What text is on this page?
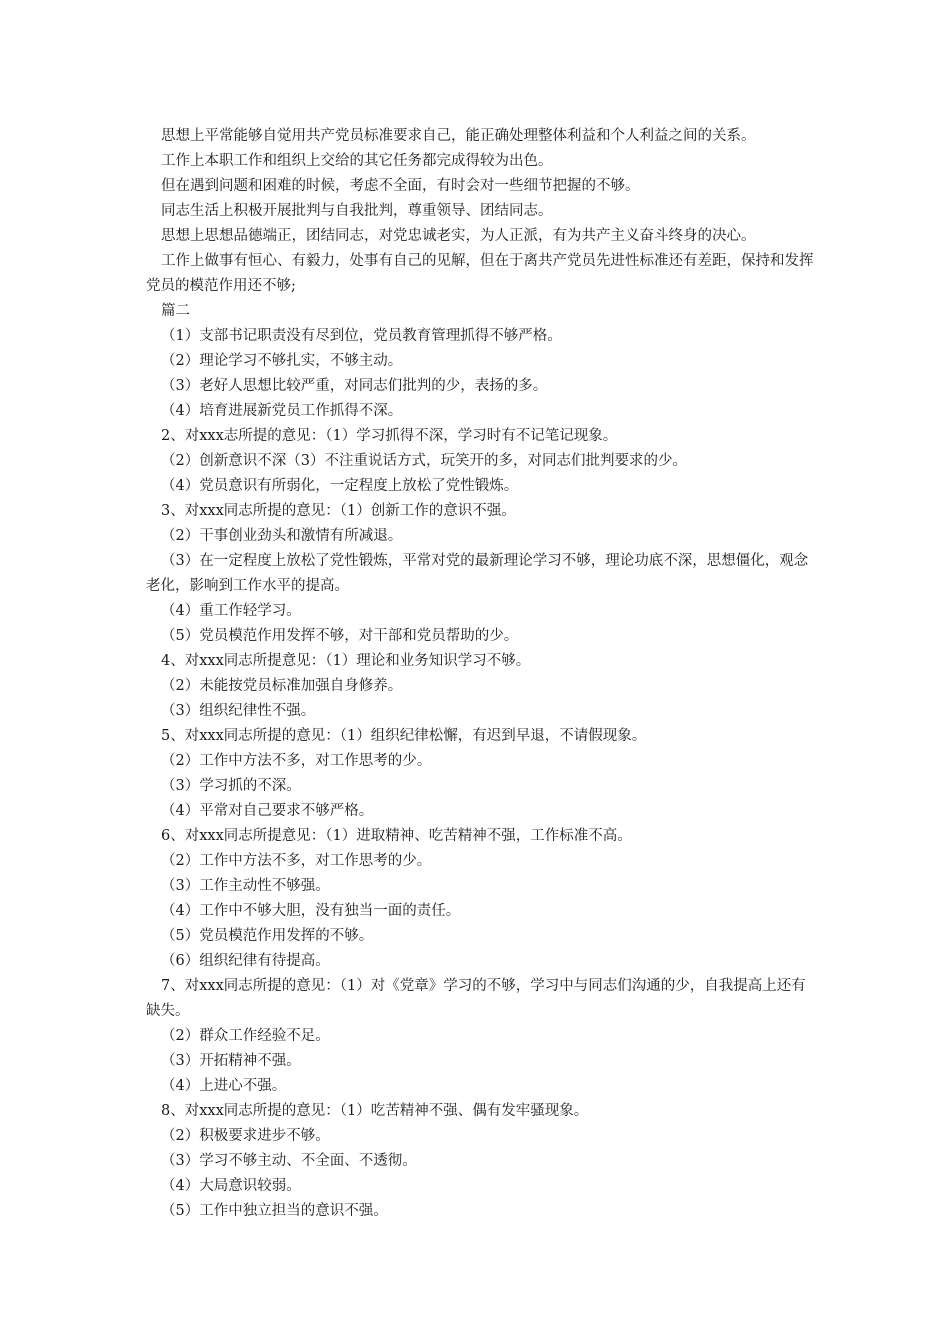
思想上平常能够自觉用共产党员标准要求自己，能正确处理整体利益和个人利益之间的关系。

工作上本职工作和组织上交给的其它任务都完成得较为出色。

但在遇到问题和困难的时候，考虑不全面，有时会对一些细节把握的不够。

同志生活上积极开展批判与自我批判，尊重领导、团结同志。

思想上思想品德端正，团结同志，对党忠诚老实，为人正派，有为共产主义奋斗终身的决心。

工作上做事有恒心、有毅力，处事有自己的见解，但在于离共产党员先进性标准还有差距，保持和发挥党员的模范作用还不够;

篇二

（1）支部书记职责没有尽到位，党员教育管理抓得不够严格。

（2）理论学习不够扎实，不够主动。

（3）老好人思想比较严重，对同志们批判的少，表扬的多。

（4）培育进展新党员工作抓得不深。

2、对xxx志所提的意见：（1）学习抓得不深，学习时有不记笔记现象。

（2）创新意识不深（3）不注重说话方式，玩笑开的多，对同志们批判要求的少。

（4）党员意识有所弱化，一定程度上放松了党性锻炼。

3、对xxx同志所提的意见：（1）创新工作的意识不强。

（2）干事创业劲头和激情有所减退。

（3）在一定程度上放松了党性锻炼，平常对党的最新理论学习不够，理论功底不深，思想僵化，观念老化，影响到工作水平的提高。

（4）重工作轻学习。

（5）党员模范作用发挥不够，对干部和党员帮助的少。

4、对xxx同志所提意见：（1）理论和业务知识学习不够。

（2）未能按党员标准加强自身修养。

（3）组织纪律性不强。

5、对xxx同志所提的意见：（1）组织纪律松懈，有迟到早退，不请假现象。

（2）工作中方法不多，对工作思考的少。

（3）学习抓的不深。

（4）平常对自己要求不够严格。

6、对xxx同志所提意见：（1）进取精神、吃苦精神不强，工作标准不高。

（2）工作中方法不多，对工作思考的少。

（3）工作主动性不够强。

（4）工作中不够大胆，没有独当一面的责任。

（5）党员模范作用发挥的不够。

（6）组织纪律有待提高。

7、对xxx同志所提的意见：（1）对《党章》学习的不够，学习中与同志们沟通的少，自我提高上还有缺失。

（2）群众工作经验不足。

（3）开拓精神不强。

（4）上进心不强。

8、对xxx同志所提的意见：（1）吃苦精神不强、偶有发牢骚现象。

（2）积极要求进步不够。

（3）学习不够主动、不全面、不透彻。

（4）大局意识较弱。

（5）工作中独立担当的意识不强。
